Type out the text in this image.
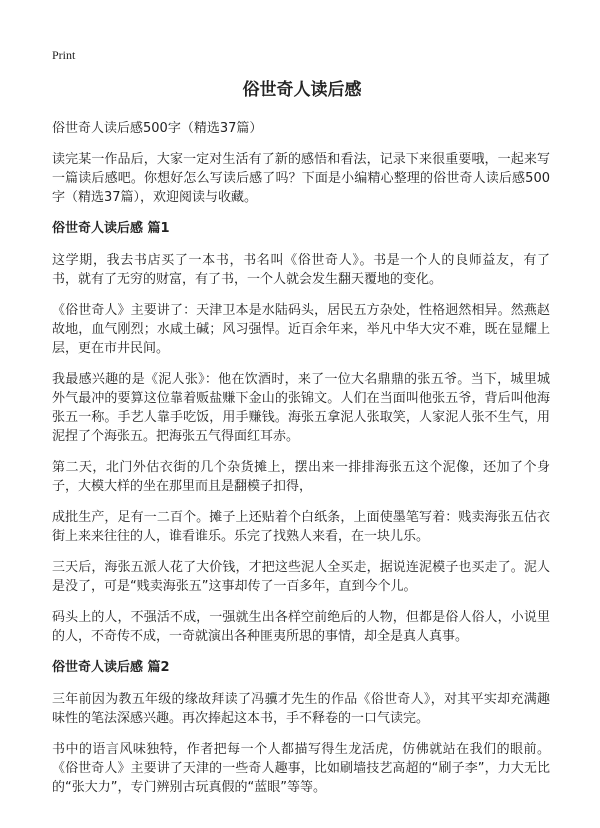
Print
俗世奇人读后感

俗世奇人读后感500字（精选37篇）

读完某一作品后，大家一定对生活有了新的感悟和看法，记录下来很重要哦，一起来写一篇读后感吧。你想好怎么写读后感了吗？下面是小编精心整理的俗世奇人读后感500字（精选37篇），欢迎阅读与收藏。

俗世奇人读后感 篇1

这学期，我去书店买了一本书，书名叫《俗世奇人》。书是一个人的良师益友，有了书，就有了无穷的财富，有了书，一个人就会发生翻天覆地的变化。

《俗世奇人》主要讲了：天津卫本是水陆码头，居民五方杂处，性格迥然相异。然燕赵故地，血气刚烈；水咸土碱；风习强悍。近百余年来，举凡中华大灾不难，既在显耀上层，更在市井民间。

我最感兴趣的是《泥人张》：他在饮酒时，来了一位大名鼎鼎的张五爷。当下，城里城外气最冲的要算这位靠着贩盐赚下金山的张锦文。人们在当面叫他张五爷，背后叫他海张五一称。手艺人靠手吃饭，用手赚钱。海张五拿泥人张取笑，人家泥人张不生气，用泥捏了个海张五。把海张五气得面红耳赤。

第二天，北门外估衣街的几个杂货摊上，摆出来一排排海张五这个泥像，还加了个身子，大模大样的坐在那里而且是翻模子扣得，

成批生产，足有一二百个。摊子上还贴着个白纸条，上面使墨笔写着：贱卖海张五估衣街上来来往往的人，谁看谁乐。乐完了找熟人来看，在一块儿乐。

三天后，海张五派人花了大价钱，才把这些泥人全买走，据说连泥模子也买走了。泥人是没了，可是“贱卖海张五”这事却传了一百多年，直到今个儿。

码头上的人，不强活不成，一强就生出各样空前绝后的人物，但都是俗人俗人，小说里的人，不奇传不成，一奇就演出各种匪夷所思的事情，却全是真人真事。

俗世奇人读后感 篇2

三年前因为教五年级的缘故拜读了冯骥才先生的作品《俗世奇人》，对其平实却充满趣味性的笔法深感兴趣。再次捧起这本书，手不释卷的一口气读完。

书中的语言风味独特，作者把每一个人都描写得生龙活虎，仿佛就站在我们的眼前。《俗世奇人》主要讲了天津的一些奇人趣事，比如刷墙技艺高超的“刷子李”，力大无比的“张大力”，专门辨别古玩真假的“蓝眼”等等。
